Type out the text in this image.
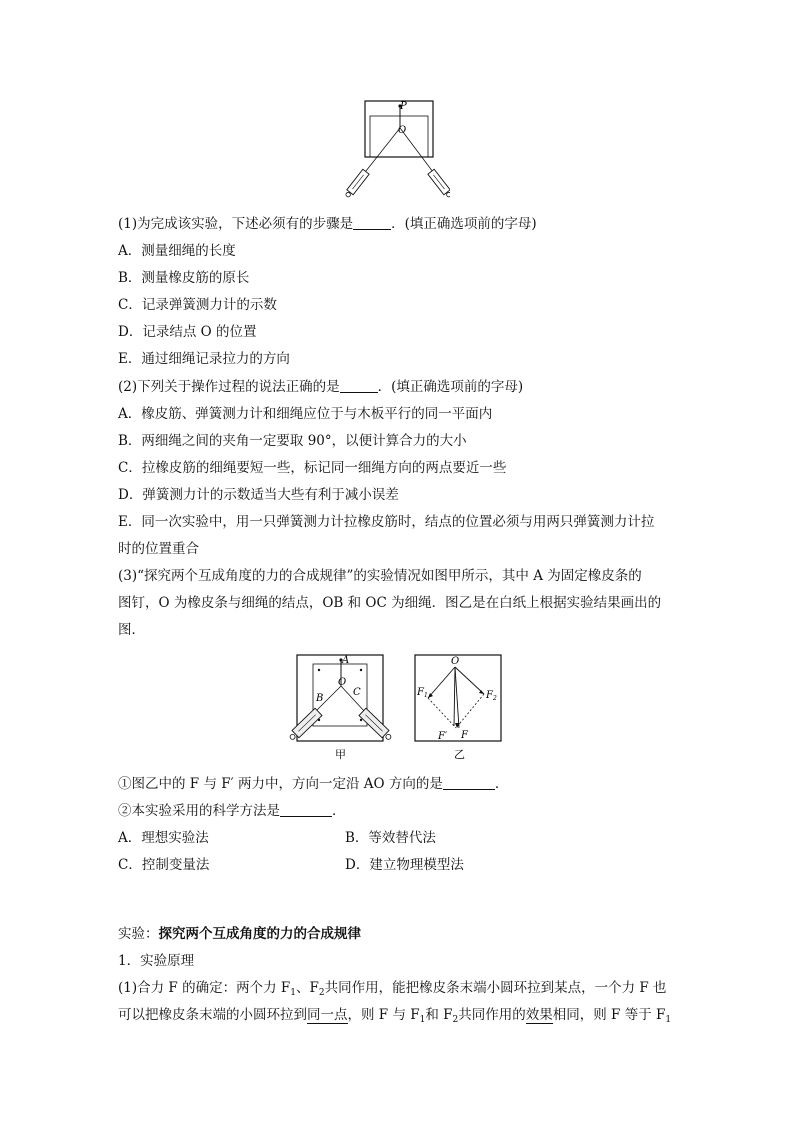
P
O
(1)为完成该实验，下述必须有的步骤是	．(填正确选项前的字母)
A．测量细绳的长度
B．测量橡皮筋的原长
C．记录弹簧测力计的示数
D．记录结点 O 的位置
E．通过细绳记录拉力的方向
(2)下列关于操作过程的说法正确的是	．(填正确选项前的字母)
A．橡皮筋、弹簧测力计和细绳应位于与木板平行的同一平面内
B．两细绳之间的夹角一定要取 90°，以便计算合力的大小
C．拉橡皮筋的细绳要短一些，标记同一细绳方向的两点要近一些
D．弹簧测力计的示数适当大些有利于减小误差
E．同一次实验中，用一只弹簧测力计拉橡皮筋时，结点的位置必须与用两只弹簧测力计拉
时的位置重合
(3)“探究两个互成角度的力的合成规律”的实验情况如图甲所示，其中 A 为固定橡皮条的
图钉，O 为橡皮条与细绳的结点，OB 和 OC 为细绳．图乙是在白纸上根据实验结果画出的
图．
A
B
O
C
甲
O
$F_1$	$F_2$
F′ F
乙
①图乙中的 F 与 F′ 两力中，方向一定沿 AO 方向的是	．
②本实验采用的科学方法是	．
A．理想实验法	B．等效替代法
C．控制变量法	D．建立物理模型法
实验：探究两个互成角度的力的合成规律
1．实验原理
(1)合力 F 的确定：两个力 $F_1$、$F_2$共同作用，能把橡皮条末端小圆环拉到某点，一个力 F 也
可以把橡皮条末端的小圆环拉到同一点，则 F 与 $F_1$和 $F_2$共同作用的效果相同，则 F 等于 $F_1$
